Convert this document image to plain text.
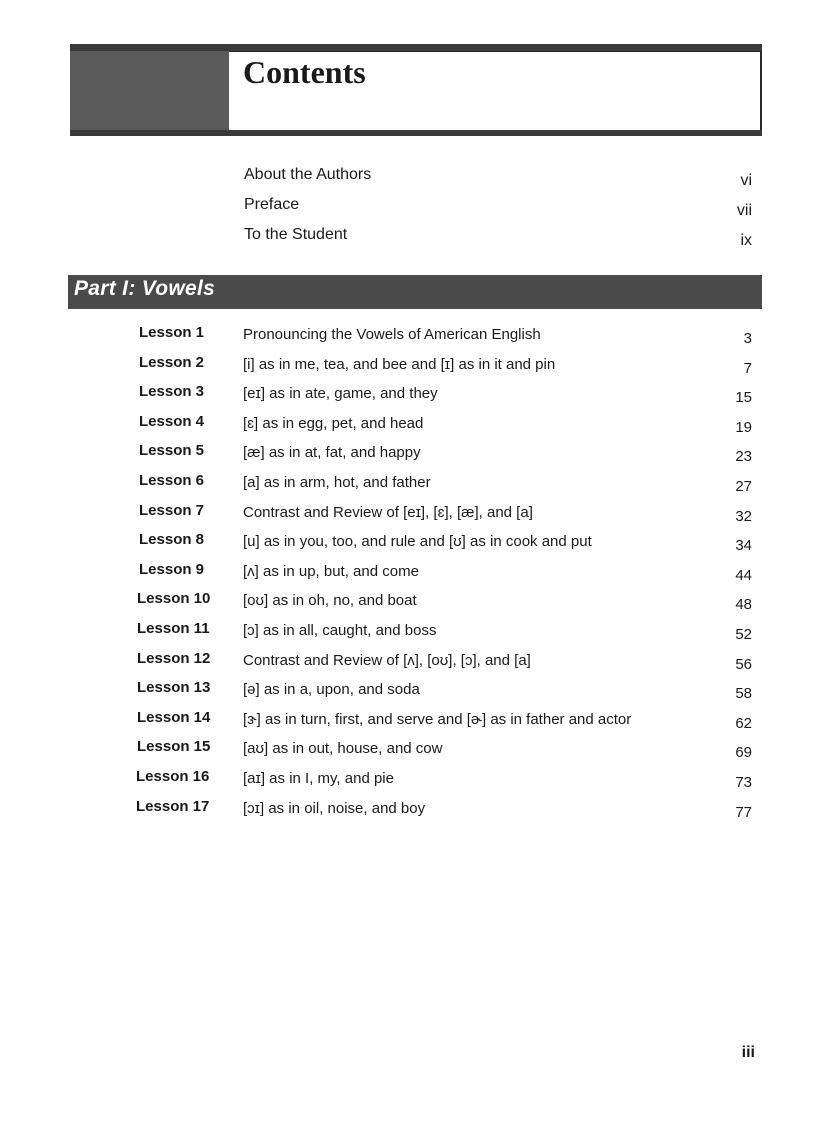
Contents
About the Authors	vi
Preface	vii
To the Student	ix
Part I: Vowels
Lesson 1	Pronouncing the Vowels of American English	3
Lesson 2	[i] as in me, tea, and bee and [ɪ] as in it and pin	7
Lesson 3	[eɪ] as in ate, game, and they	15
Lesson 4	[ɛ] as in egg, pet, and head	19
Lesson 5	[æ] as in at, fat, and happy	23
Lesson 6	[a] as in arm, hot, and father	27
Lesson 7	Contrast and Review of [eɪ], [ɛ], [æ], and [a]	32
Lesson 8	[u] as in you, too, and rule and [ʊ] as in cook and put	34
Lesson 9	[ʌ] as in up, but, and come	44
Lesson 10 [oʊ] as in oh, no, and boat	48
Lesson 11 [ɔ] as in all, caught, and boss	52
Lesson 12 Contrast and Review of [ʌ], [oʊ], [ɔ], and [a]	56
Lesson 13 [ə] as in a, upon, and soda	58
Lesson 14 [ɝ] as in turn, first, and serve and [ɚ] as in father and actor	62
Lesson 15 [aʊ] as in out, house, and cow	69
Lesson 16 [aɪ] as in I, my, and pie	73
Lesson 17 [ɔɪ] as in oil, noise, and boy	77
iii
